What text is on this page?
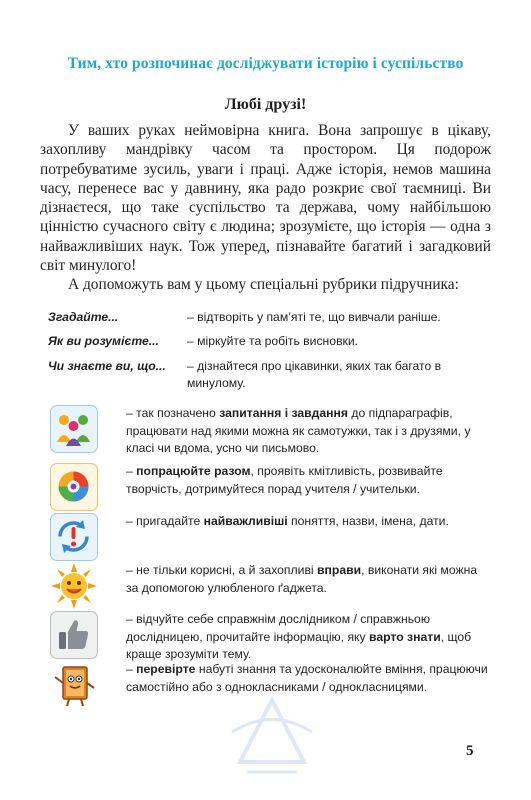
Тим, хто розпочинає досліджувати історію і суспільство
Любі друзі!

У ваших руках неймовірна книга. Вона запрошує в цікаву, захопливу мандрівку часом та простором. Ця подорож потребуватиме зусиль, уваги і праці. Адже історія, немов машина часу, перенесе вас у давнину, яка радо розкриє свої таємниці. Ви дізнаєтеся, що таке суспільство та держава, чому найбільшою цінністю сучасного світу є людина; зрозумієте, що історія — одна з найважливіших наук. Тож уперед, пізнавайте багатий і загадковий світ минулого!

А допоможуть вам у цьому спеціальні рубрики підручника:

Згадайте...	– відтворіть у пам’яті те, що вивчали раніше.
Як ви розумієте... – міркуйте та робіть висновки.
Чи знаєте ви, що... – дізнайтеся про цікавинки, яких так багато в минулому.
– так позначено запитання і завдання до підпараграфів, працювати над якими можна як самотужки, так і з друзями, у класі чи вдома, усно чи письмово.
– попрацюйте разом, проявіть кмітливість, розвивайте творчість, дотримуйтеся порад учителя / учительки.
– пригадайте найважливіші поняття, назви, імена, дати.
– не тільки корисні, а й захопливі вправи, виконати які можна за допомогою улюбленого ґаджета.
– відчуйте себе справжнім дослідником / справжньою дослідницею, прочитайте інформацію, яку варто знати, щоб краще зрозуміти тему.
– перевірте набуті знання та удосконалюйте вміння, працюючи самостійно або з однокласниками / однокласницями.
5
